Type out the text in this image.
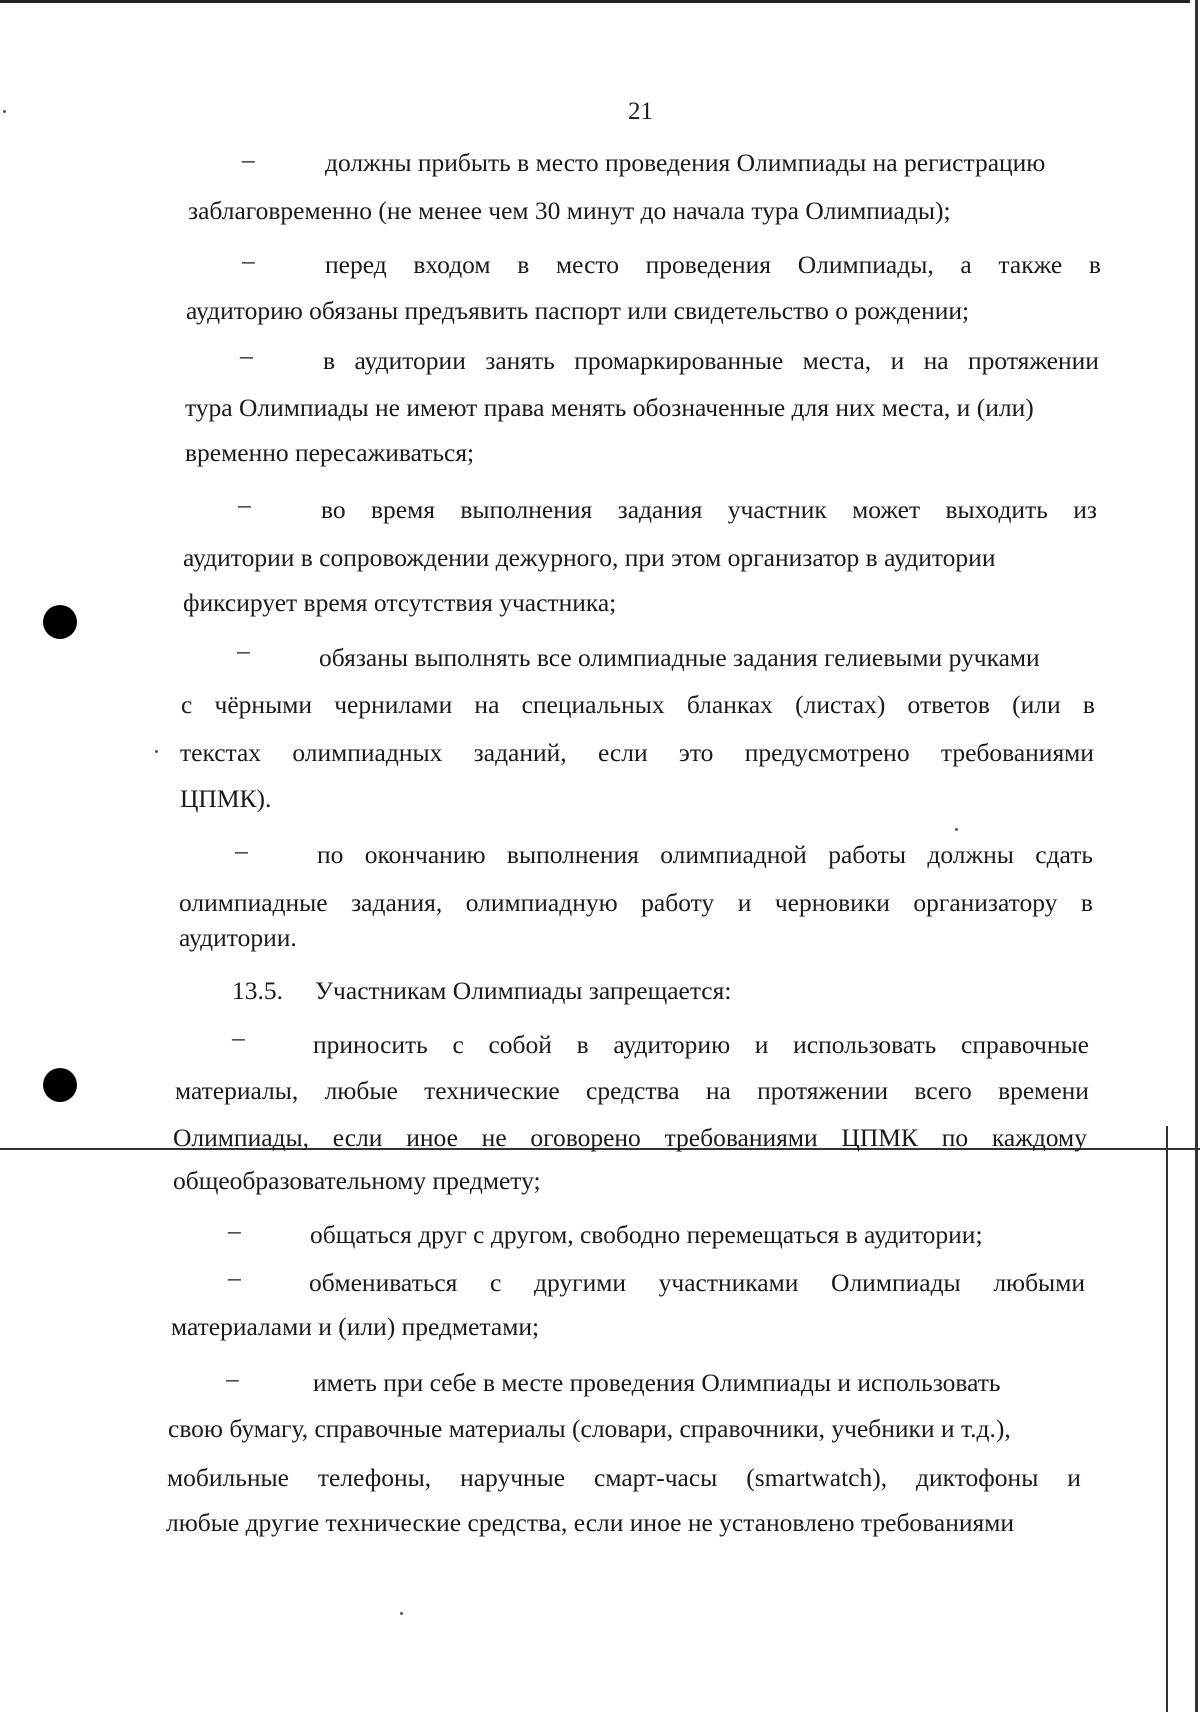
21
–	должны прибыть в место проведения Олимпиады на регистрацию
заблаговременно (не менее чем 30 минут до начала тура Олимпиады);
–	перед входом в место проведения Олимпиады, а также в
аудиторию обязаны предъявить паспорт или свидетельство о рождении;
–	в аудитории занять промаркированные места, и на протяжении
тура Олимпиады не имеют права менять обозначенные для них места, и (или)
временно пересаживаться;
–	во время выполнения задания участник может выходить из
аудитории в сопровождении дежурного, при этом организатор в аудитории
фиксирует время отсутствия участника;
–	обязаны выполнять все олимпиадные задания гелиевыми ручками
с чёрными чернилами на специальных бланках (листах) ответов (или в
текстах олимпиадных заданий, если это предусмотрено требованиями
ЦПМК).
–	по окончанию выполнения олимпиадной работы должны сдать
олимпиадные задания, олимпиадную работу и черновики организатору в
аудитории.
13.5. Участникам Олимпиады запрещается:
–	приносить с собой в аудиторию и использовать справочные
материалы, любые технические средства на протяжении всего времени
Олимпиады, если иное не оговорено требованиями ЦПМК по каждому
общеобразовательному предмету;
–	общаться друг с другом, свободно перемещаться в аудитории;
–	обмениваться с другими участниками Олимпиады любыми
материалами и (или) предметами;
–	иметь при себе в месте проведения Олимпиады и использовать
свою бумагу, справочные материалы (словари, справочники, учебники и т.д.),
мобильные телефоны, наручные смарт-часы (smartwatch), диктофоны и
любые другие технические средства, если иное не установлено требованиями
